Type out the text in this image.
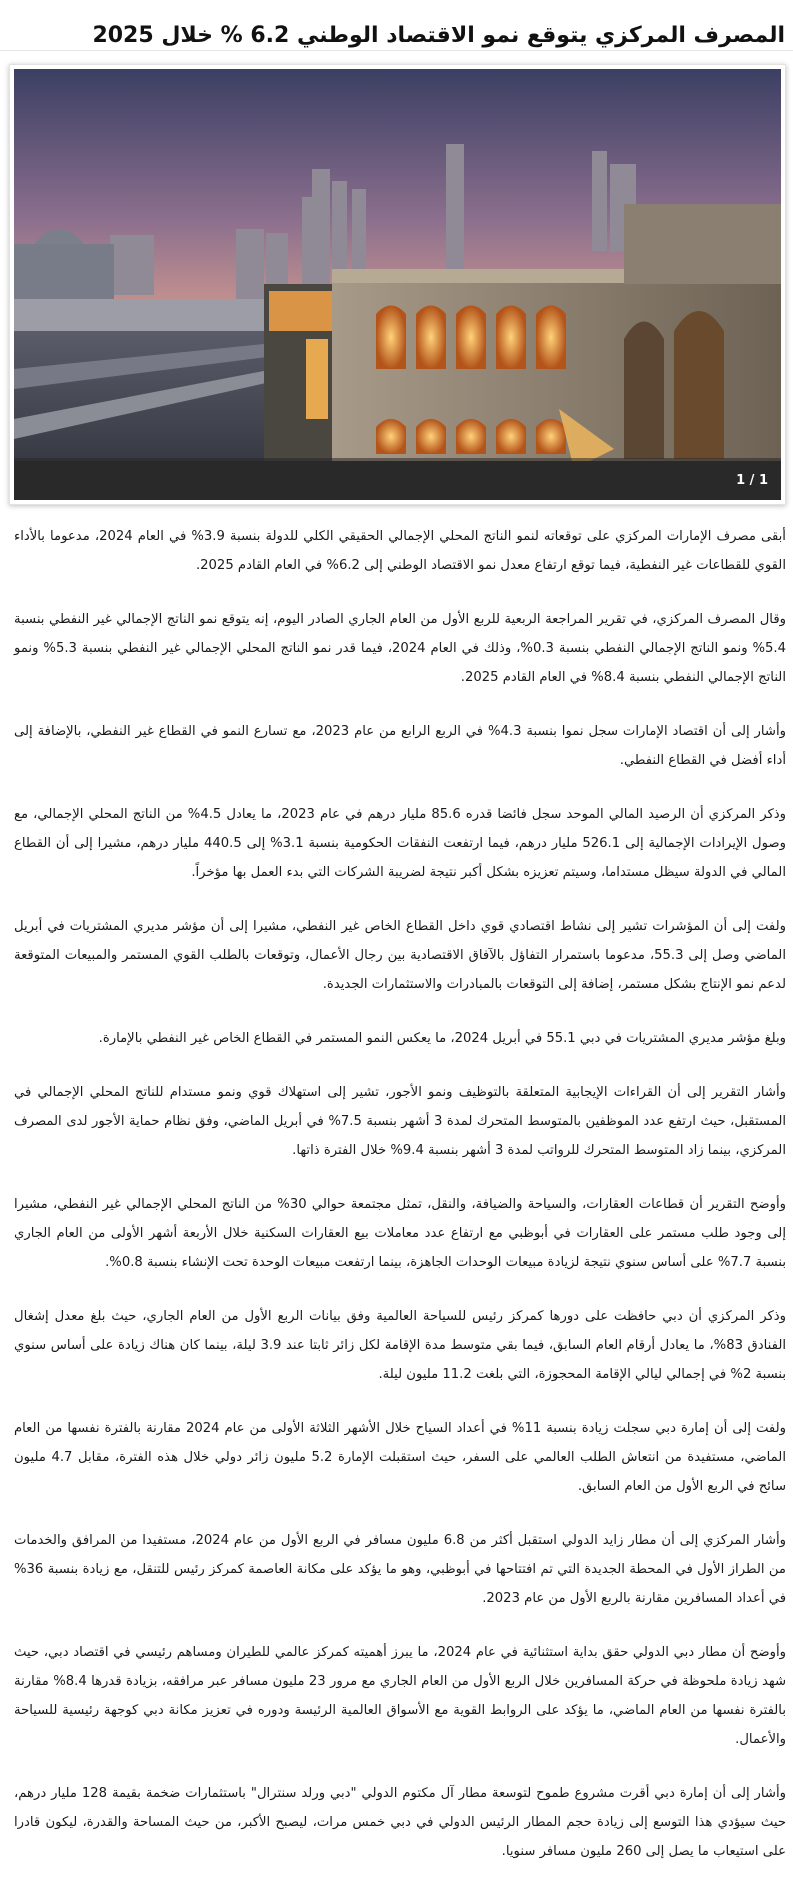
المصرف المركزي يتوقع نمو الاقتصاد الوطني 6.2 % خلال 2025
1 / 1

أبقى مصرف الإمارات المركزي على توقعاته لنمو الناتج المحلي الإجمالي الحقيقي الكلي للدولة بنسبة 3.9% في العام 2024، مدعوما بالأداء القوي للقطاعات غير النفطية، فيما توقع ارتفاع معدل نمو الاقتصاد الوطني إلى 6.2% في العام القادم 2025.

وقال المصرف المركزي، في تقرير المراجعة الربعية للربع الأول من العام الجاري الصادر اليوم، إنه يتوقع نمو الناتج الإجمالي غير النفطي بنسبة 5.4% ونمو الناتج الإجمالي النفطي بنسبة 0.3%، وذلك في العام 2024، فيما قدر نمو الناتج المحلي الإجمالي غير النفطي بنسبة 5.3% ونمو الناتج الإجمالي النفطي بنسبة 8.4% في العام القادم 2025.

وأشار إلى أن اقتصاد الإمارات سجل نموا بنسبة 4.3% في الربع الرابع من عام 2023، مع تسارع النمو في القطاع غير النفطي، بالإضافة إلى أداء أفضل في القطاع النفطي.

وذكر المركزي أن الرصيد المالي الموحد سجل فائضا قدره 85.6 مليار درهم في عام 2023، ما يعادل 4.5% من الناتج المحلي الإجمالي، مع وصول الإيرادات الإجمالية إلى 526.1 مليار درهم، فيما ارتفعت النفقات الحكومية بنسبة 3.1% إلى 440.5 مليار درهم، مشيرا إلى أن القطاع المالي في الدولة سيظل مستداما، وسيتم تعزيزه بشكل أكبر نتيجة لضريبة الشركات التي بدء العمل بها مؤخراً.

ولفت إلى أن المؤشرات تشير إلى نشاط اقتصادي قوي داخل القطاع الخاص غير النفطي، مشيرا إلى أن مؤشر مديري المشتريات في أبريل الماضي وصل إلى 55.3، مدعوما باستمرار التفاؤل بالآفاق الاقتصادية بين رجال الأعمال، وتوقعات بالطلب القوي المستمر والمبيعات المتوقعة لدعم نمو الإنتاج بشكل مستمر، إضافة إلى التوقعات بالمبادرات والاستثمارات الجديدة.

وبلغ مؤشر مديري المشتريات في دبي 55.1 في أبريل 2024، ما يعكس النمو المستمر في القطاع الخاص غير النفطي بالإمارة.

وأشار التقرير إلى أن القراءات الإيجابية المتعلقة بالتوظيف ونمو الأجور، تشير إلى استهلاك قوي ونمو مستدام للناتج المحلي الإجمالي في المستقبل، حيث ارتفع عدد الموظفين بالمتوسط المتحرك لمدة 3 أشهر بنسبة 7.5% في أبريل الماضي، وفق نظام حماية الأجور لدى المصرف المركزي، بينما زاد المتوسط المتحرك للرواتب لمدة 3 أشهر بنسبة 9.4% خلال الفترة ذاتها.

وأوضح التقرير أن قطاعات العقارات، والسياحة والضيافة، والنقل، تمثل مجتمعة حوالي 30% من الناتج المحلي الإجمالي غير النفطي، مشيرا إلى وجود طلب مستمر على العقارات في أبوظبي مع ارتفاع عدد معاملات بيع العقارات السكنية خلال الأربعة أشهر الأولى من العام الجاري بنسبة 7.7% على أساس سنوي نتيجة لزيادة مبيعات الوحدات الجاهزة، بينما ارتفعت مبيعات الوحدة تحت الإنشاء بنسبة 0.8%.

وذكر المركزي أن دبي حافظت على دورها كمركز رئيس للسياحة العالمية وفق بيانات الربع الأول من العام الجاري، حيث بلغ معدل إشغال الفنادق 83%، ما يعادل أرقام العام السابق، فيما بقي متوسط مدة الإقامة لكل زائر ثابتا عند 3.9 ليلة، بينما كان هناك زيادة على أساس سنوي بنسبة 2% في إجمالي ليالي الإقامة المحجوزة، التي بلغت 11.2 مليون ليلة.

ولفت إلى أن إمارة دبي سجلت زيادة بنسبة 11% في أعداد السياح خلال الأشهر الثلاثة الأولى من عام 2024 مقارنة بالفترة نفسها من العام الماضي، مستفيدة من انتعاش الطلب العالمي على السفر، حيث استقبلت الإمارة 5.2 مليون زائر دولي خلال هذه الفترة، مقابل 4.7 مليون سائح في الربع الأول من العام السابق.

وأشار المركزي إلى أن مطار زايد الدولي استقبل أكثر من 6.8 مليون مسافر في الربع الأول من عام 2024، مستفيدا من المرافق والخدمات من الطراز الأول في المحطة الجديدة التي تم افتتاحها في أبوظبي، وهو ما يؤكد على مكانة العاصمة كمركز رئيس للتنقل، مع زيادة بنسبة 36% في أعداد المسافرين مقارنة بالربع الأول من عام 2023.

وأوضح أن مطار دبي الدولي حقق بداية استثنائية في عام 2024، ما يبرز أهميته كمركز عالمي للطيران ومساهم رئيسي في اقتصاد دبي، حيث شهد زيادة ملحوظة في حركة المسافرين خلال الربع الأول من العام الجاري مع مرور 23 مليون مسافر عبر مرافقه، بزيادة قدرها 8.4% مقارنة بالفترة نفسها من العام الماضي، ما يؤكد على الروابط القوية مع الأسواق العالمية الرئيسة ودوره في تعزيز مكانة دبي كوجهة رئيسية للسياحة والأعمال.

وأشار إلى أن إمارة دبي أقرت مشروع طموح لتوسعة مطار آل مكتوم الدولي "دبي ورلد سنترال" باستثمارات ضخمة بقيمة 128 مليار درهم، حيث سيؤدي هذا التوسع إلى زيادة حجم المطار الرئيس الدولي في دبي خمس مرات، ليصبح الأكبر، من حيث المساحة والقدرة، ليكون قادرا على استيعاب ما يصل إلى 260 مليون مسافر سنويا.
